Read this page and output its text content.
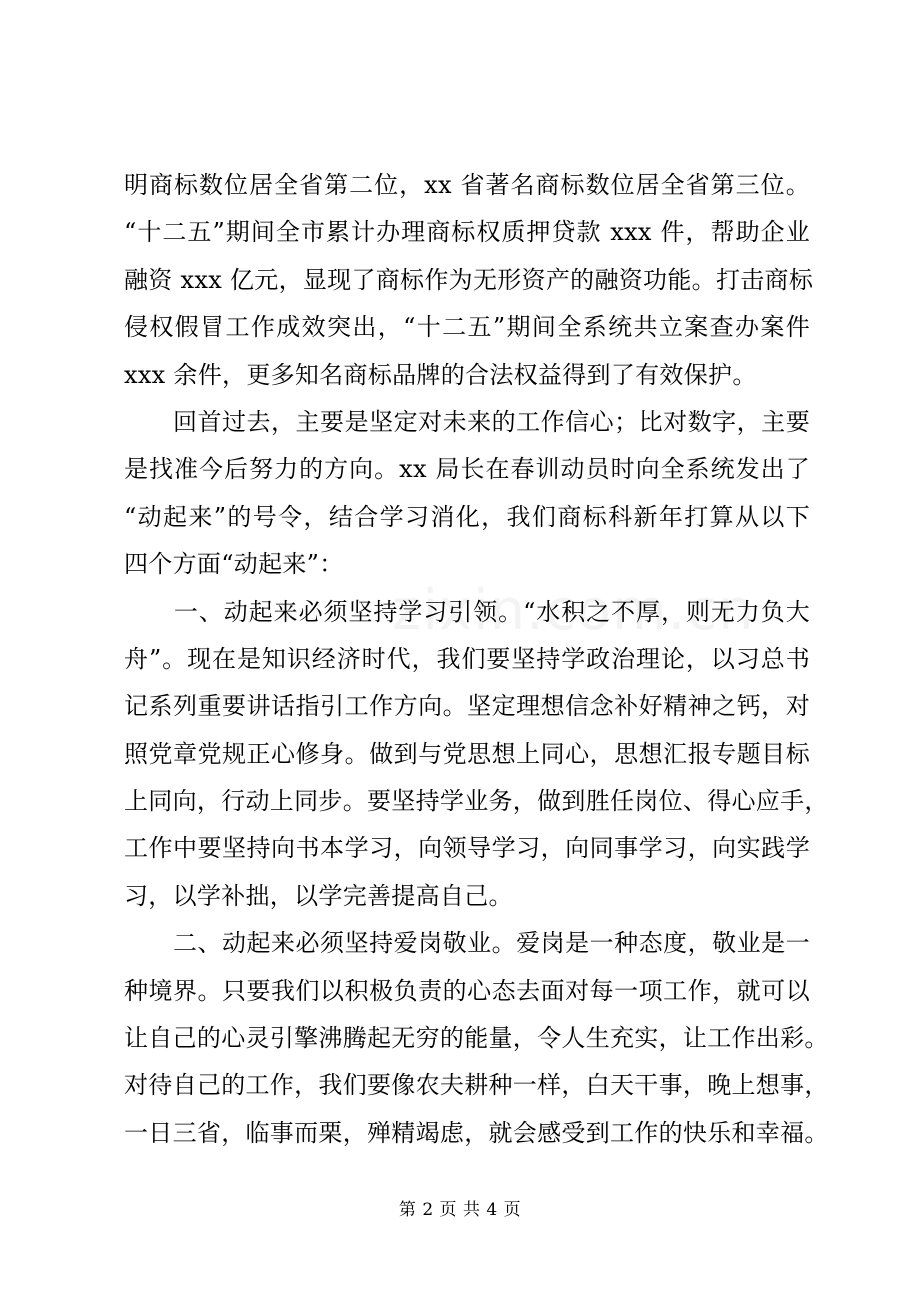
明商标数位居全省第二位，xx 省著名商标数位居全省第三位。
“十二五”期间全市累计办理商标权质押贷款 xxx 件，帮助企业
融资 xxx 亿元，显现了商标作为无形资产的融资功能。打击商标
侵权假冒工作成效突出，“十二五”期间全系统共立案查办案件
xxx 余件，更多知名商标品牌的合法权益得到了有效保护。
　　回首过去，主要是坚定对未来的工作信心；比对数字，主要
是找准今后努力的方向。xx 局长在春训动员时向全系统发出了
“动起来”的号令，结合学习消化，我们商标科新年打算从以下
四个方面“动起来”：
　　一、动起来必须坚持学习引领。“水积之不厚，则无力负大
舟”。现在是知识经济时代，我们要坚持学政治理论，以习总书
记系列重要讲话指引工作方向。坚定理想信念补好精神之钙，对
照党章党规正心修身。做到与党思想上同心，思想汇报专题目标
上同向，行动上同步。要坚持学业务，做到胜任岗位、得心应手，
工作中要坚持向书本学习，向领导学习，向同事学习，向实践学
习，以学补拙，以学完善提高自己。
　　二、动起来必须坚持爱岗敬业。爱岗是一种态度，敬业是一
种境界。只要我们以积极负责的心态去面对每一项工作，就可以
让自己的心灵引擎沸腾起无穷的能量，令人生充实，让工作出彩。
对待自己的工作，我们要像农夫耕种一样，白天干事，晚上想事，
一日三省，临事而栗，殚精竭虑，就会感受到工作的快乐和幸福。
第 2 页 共 4 页
